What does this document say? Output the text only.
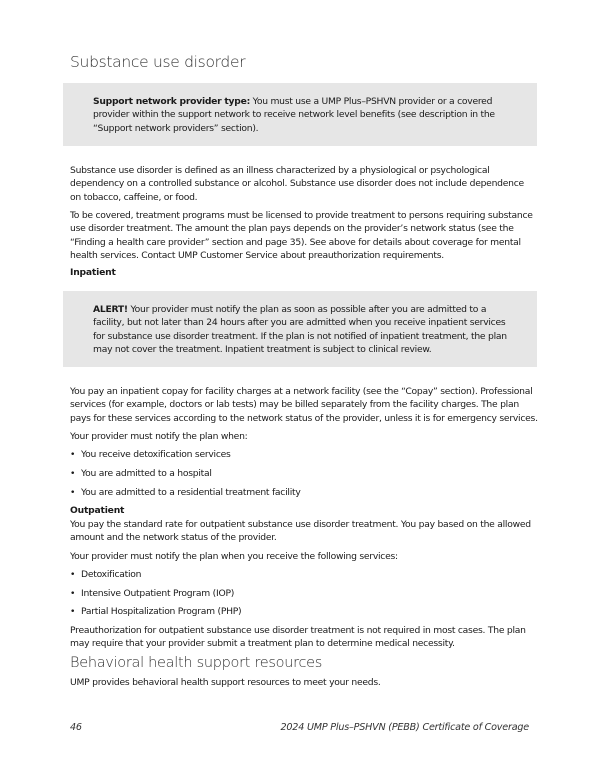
Substance use disorder
Support network provider type: You must use a UMP Plus–PSHVN provider or a covered
provider within the support network to receive network level benefits (see description in the
“Support network providers” section).
Substance use disorder is defined as an illness characterized by a physiological or psychological
dependency on a controlled substance or alcohol. Substance use disorder does not include dependence
on tobacco, caffeine, or food.
To be covered, treatment programs must be licensed to provide treatment to persons requiring substance
use disorder treatment. The amount the plan pays depends on the provider’s network status (see the
“Finding a health care provider” section and page 35). See above for details about coverage for mental
health services. Contact UMP Customer Service about preauthorization requirements.
Inpatient
ALERT! Your provider must notify the plan as soon as possible after you are admitted to a
facility, but not later than 24 hours after you are admitted when you receive inpatient services
for substance use disorder treatment. If the plan is not notified of inpatient treatment, the plan
may not cover the treatment. Inpatient treatment is subject to clinical review.
You pay an inpatient copay for facility charges at a network facility (see the “Copay” section). Professional
services (for example, doctors or lab tests) may be billed separately from the facility charges. The plan
pays for these services according to the network status of the provider, unless it is for emergency services.
Your provider must notify the plan when:
• You receive detoxification services
• You are admitted to a hospital
• You are admitted to a residential treatment facility
Outpatient
You pay the standard rate for outpatient substance use disorder treatment. You pay based on the allowed
amount and the network status of the provider.
Your provider must notify the plan when you receive the following services:
• Detoxification
• Intensive Outpatient Program (IOP)
• Partial Hospitalization Program (PHP)
Preauthorization for outpatient substance use disorder treatment is not required in most cases. The plan
may require that your provider submit a treatment plan to determine medical necessity.
Behavioral health support resources
UMP provides behavioral health support resources to meet your needs.
46	2024 UMP Plus–PSHVN (PEBB) Certificate of Coverage
